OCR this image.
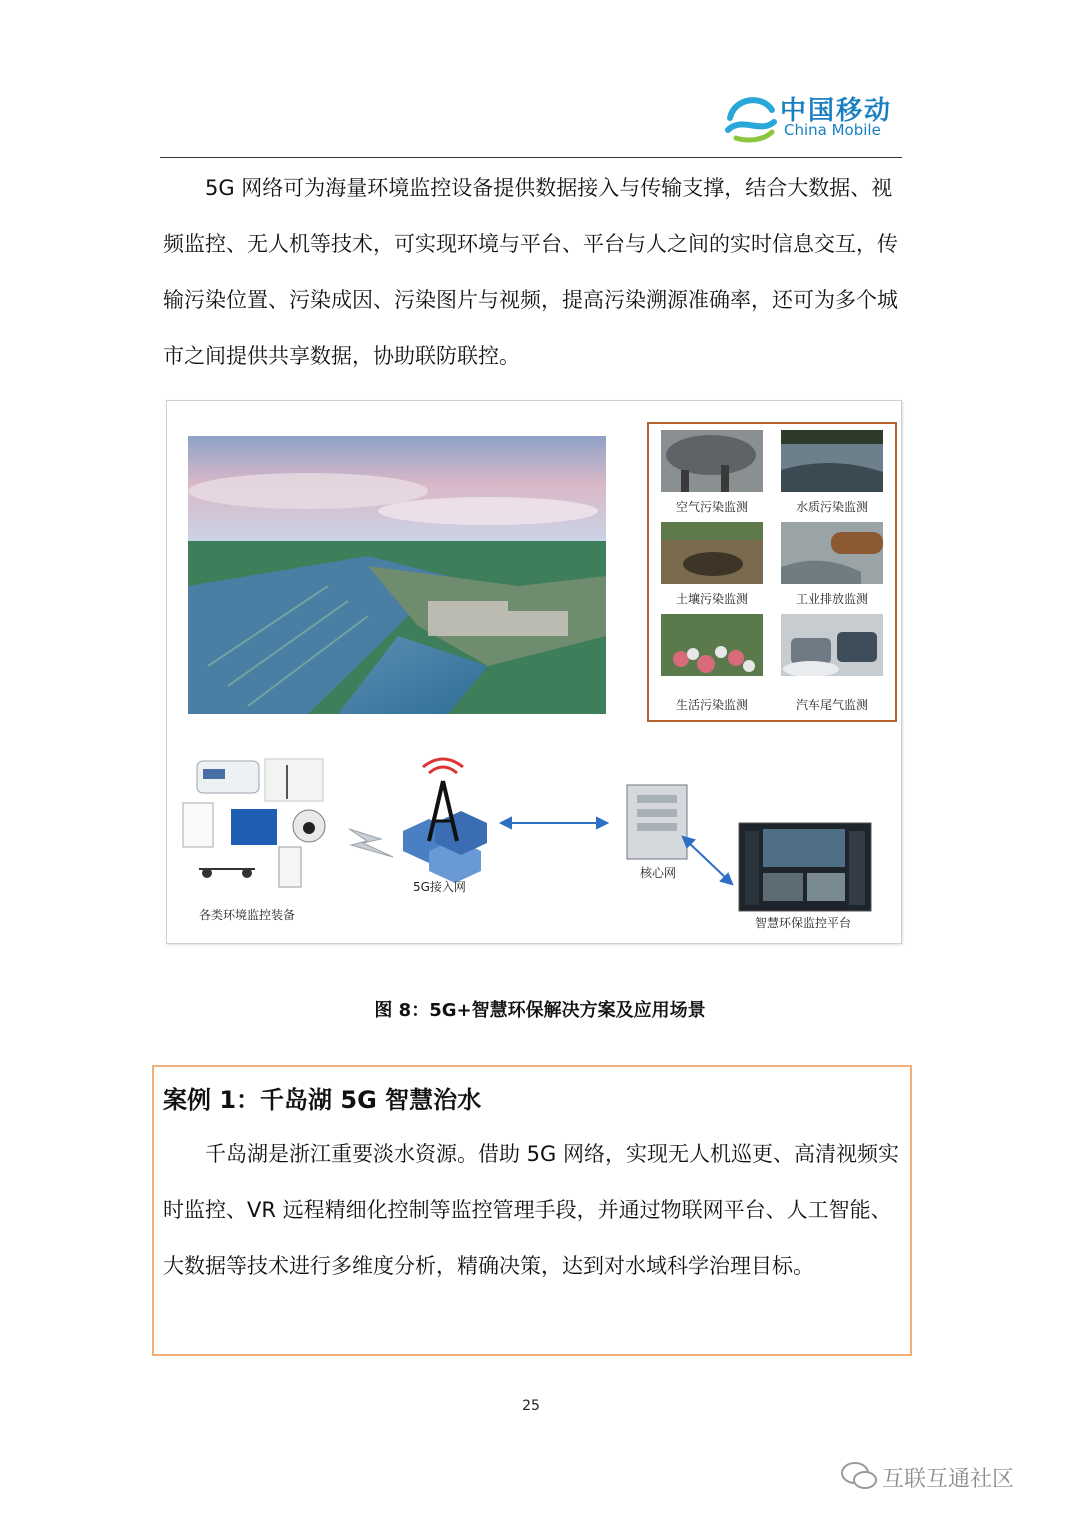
中国移动
China Mobile

5G 网络可为海量环境监控设备提供数据接入与传输支撑，结合大数据、视频监控、无人机等技术，可实现环境与平台、平台与人之间的实时信息交互，传输污染位置、污染成因、污染图片与视频，提高污染溯源准确率，还可为多个城市之间提供共享数据，协助联防联控。

空气污染监测	水质污染监测
土壤污染监测	工业排放监测
生活污染监测	汽车尾气监测
各类环境监控装备
5G接入网
核心网
智慧环保监控平台
图 8：5G+智慧环保解决方案及应用场景
案例 1：千岛湖 5G 智慧治水

千岛湖是浙江重要淡水资源。借助 5G 网络，实现无人机巡更、高清视频实时监控、VR 远程精细化控制等监控管理手段，并通过物联网平台、人工智能、大数据等技术进行多维度分析，精确决策，达到对水域科学治理目标。

25
互联互通社区
